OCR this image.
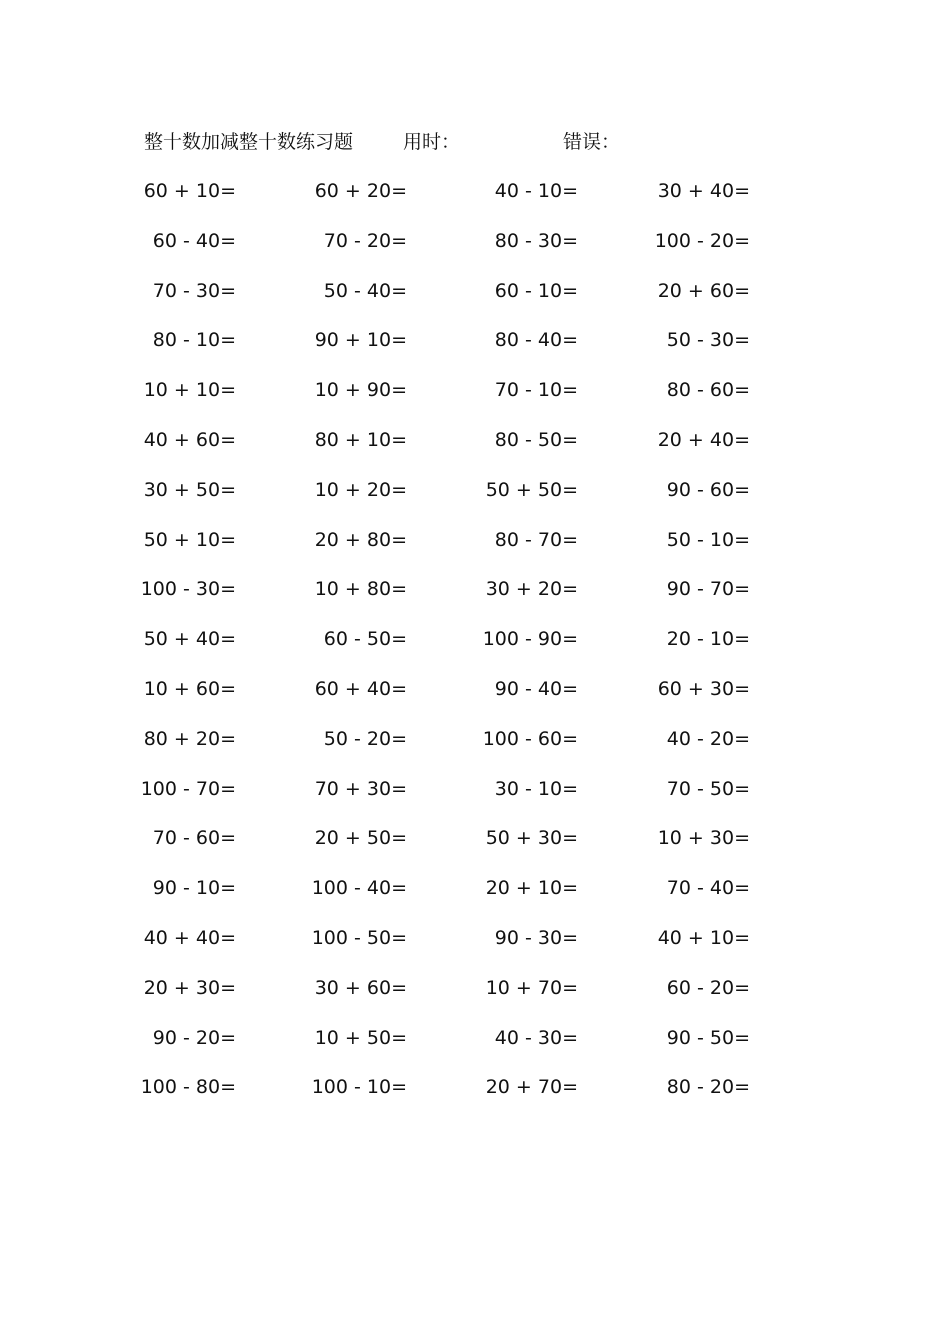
整十数加减整十数练习题	用时：	错误：
60 + 10=	60 + 20=	40 - 10=	30 + 40=
60 - 40=	70 - 20=	80 - 30=	100 - 20=
70 - 30=	50 - 40=	60 - 10=	20 + 60=
80 - 10=	90 + 10=	80 - 40=	50 - 30=
10 + 10=	10 + 90=	70 - 10=	80 - 60=
40 + 60=	80 + 10=	80 - 50=	20 + 40=
30 + 50=	10 + 20=	50 + 50=	90 - 60=
50 + 10=	20 + 80=	80 - 70=	50 - 10=
100 - 30=	10 + 80=	30 + 20=	90 - 70=
50 + 40=	60 - 50=	100 - 90=	20 - 10=
10 + 60=	60 + 40=	90 - 40=	60 + 30=
80 + 20=	50 - 20=	100 - 60=	40 - 20=
100 - 70=	70 + 30=	30 - 10=	70 - 50=
70 - 60=	20 + 50=	50 + 30=	10 + 30=
90 - 10=	100 - 40=	20 + 10=	70 - 40=
40 + 40=	100 - 50=	90 - 30=	40 + 10=
20 + 30=	30 + 60=	10 + 70=	60 - 20=
90 - 20=	10 + 50=	40 - 30=	90 - 50=
100 - 80=	100 - 10=	20 + 70=	80 - 20=
